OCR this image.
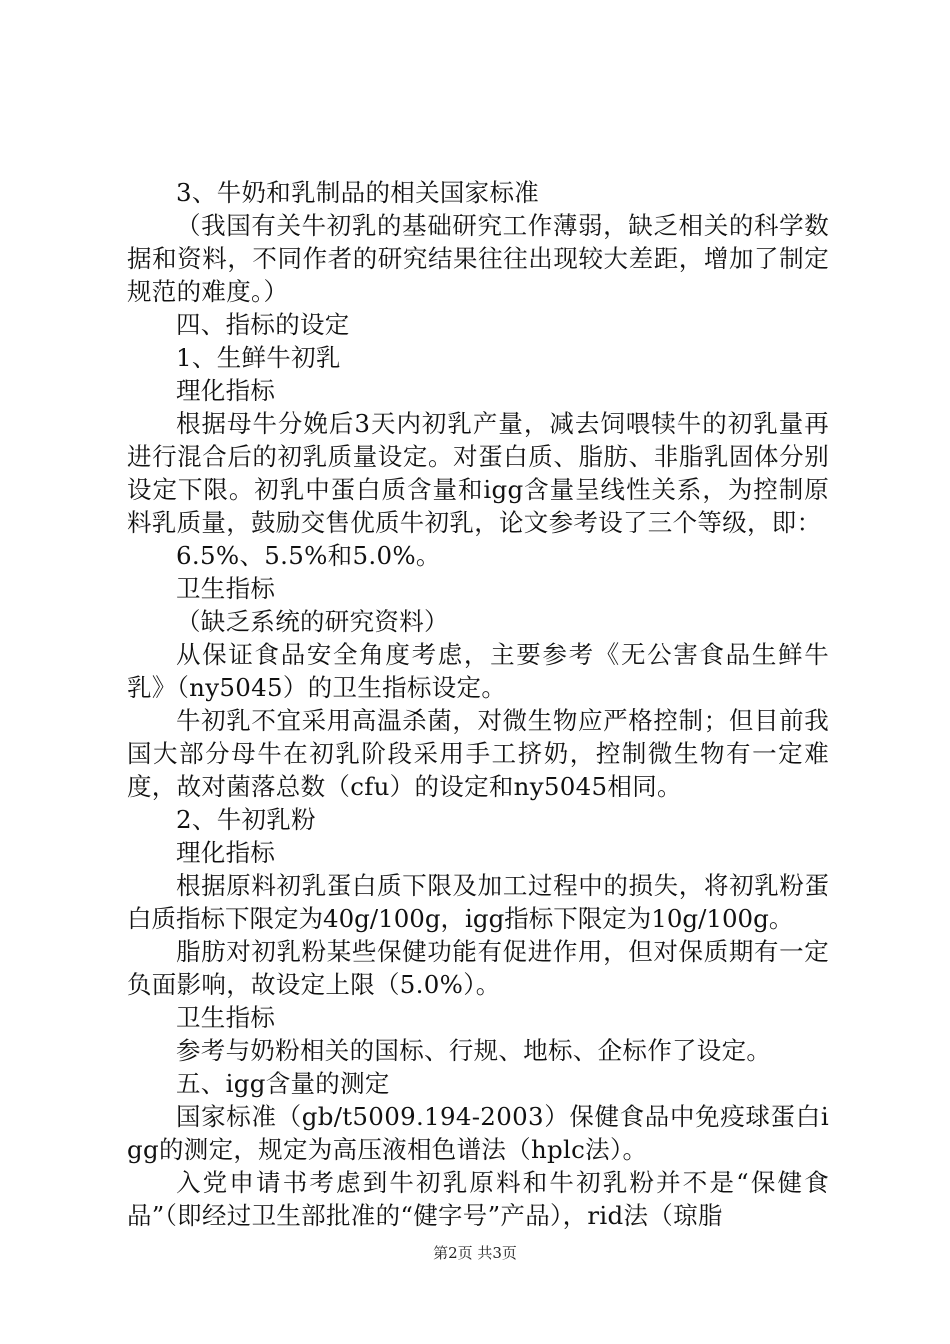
3、牛奶和乳制品的相关国家标准

（我国有关牛初乳的基础研究工作薄弱，缺乏相关的科学数据和资料，不同作者的研究结果往往出现较大差距，增加了制定规范的难度。）

四、指标的设定

1、生鲜牛初乳

理化指标

根据母牛分娩后3天内初乳产量，减去饲喂犊牛的初乳量再进行混合后的初乳质量设定。对蛋白质、脂肪、非脂乳固体分别设定下限。初乳中蛋白质含量和igg含量呈线性关系，为控制原料乳质量，鼓励交售优质牛初乳，论文参考设了三个等级，即：

6.5%、5.5%和5.0%。

卫生指标

（缺乏系统的研究资料）

从保证食品安全角度考虑，主要参考《无公害食品生鲜牛乳》（ny5045）的卫生指标设定。

牛初乳不宜采用高温杀菌，对微生物应严格控制；但目前我国大部分母牛在初乳阶段采用手工挤奶，控制微生物有一定难度，故对菌落总数（cfu）的设定和ny5045相同。

2、牛初乳粉

理化指标

根据原料初乳蛋白质下限及加工过程中的损失，将初乳粉蛋白质指标下限定为40g/100g，igg指标下限定为10g/100g。

脂肪对初乳粉某些保健功能有促进作用，但对保质期有一定负面影响，故设定上限（5.0%）。

卫生指标

参考与奶粉相关的国标、行规、地标、企标作了设定。

五、igg含量的测定

国家标准（gb/t5009.194-2003）保健食品中免疫球蛋白igg的测定，规定为高压液相色谱法（hplc法）。

入党申请书考虑到牛初乳原料和牛初乳粉并不是“保健食品”（即经过卫生部批准的“健字号”产品），rid法（琼脂

第2页 共3页
